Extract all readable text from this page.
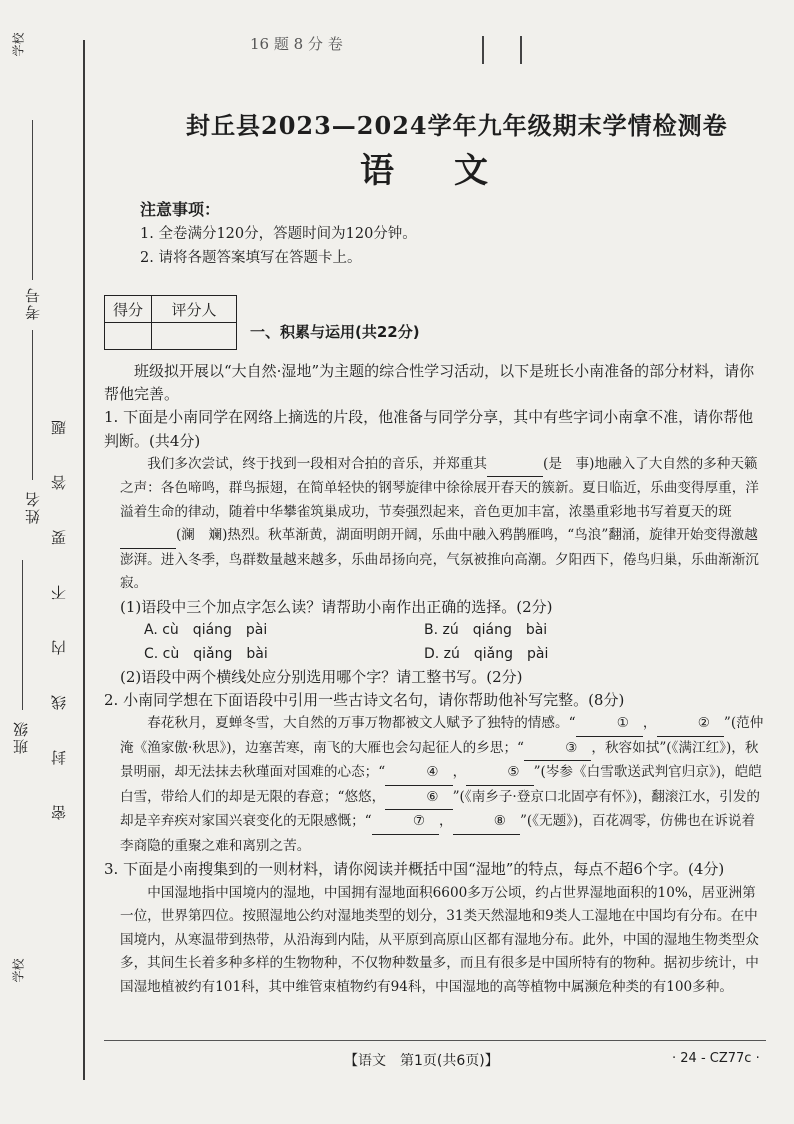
学校
考号
姓名
班级 密封线内不要答题
学校
16 题 8 分 卷
封丘县2023—2024学年九年级期末学情检测卷
语文
注意事项：
1. 全卷满分120分，答题时间为120分钟。
2. 请将各题答案填写在答题卡上。
得分	评分人

一、积累与运用(共22分)

班级拟开展以“大自然·湿地”为主题的综合性学习活动，以下是班长小南准备的部分材料，请你帮他完善。

1. 下面是小南同学在网络上摘选的片段，他准备与同学分享，其中有些字词小南拿不准，请你帮他判断。(共4分)

我们多次尝试，终于找到一段相对合拍的音乐，并郑重其	(是　事)地融入了大自然的多种天籁之声：各色啼鸣，群鸟振翅，在简单轻快的钢琴旋律中徐徐展开春天的簇新。夏日临近，乐曲变得厚重，洋溢着生命的律动，随着中华攀雀筑巢成功，节奏强烈起来，音色更加丰富，浓墨重彩地书写着夏天的斑 (澜　斓)热烈。秋革渐黄，湖面明朗开阔，乐曲中融入鸦鹊雁鸣，“鸟浪”翻涌，旋律开始变得激越澎湃。进入冬季，鸟群数量越来越多，乐曲昂扬向亮，气氛被推向高潮。夕阳西下，倦鸟归巢，乐曲渐渐沉寂。

(1)语段中三个加点字怎么读？请帮助小南作出正确的选择。(2分)

A. cù　qiáng　pài	B. zú　qiáng　bài
C. cù　qiǎng　bài	D. zú　qiǎng　pài

(2)语段中两个横线处应分别选用哪个字？请工整书写。(2分)

2. 小南同学想在下面语段中引用一些古诗文名句，请你帮助他补写完整。(8分)

春花秋月，夏蝉冬雪，大自然的万事万物都被文人赋予了独特的情感。“	① ，	② ”(范仲淹《渔家傲·秋思》)，边塞苦寒，南飞的大雁也会勾起征人的乡思；“	③ ，秋容如拭”(《满江红》)，秋景明丽，却无法抹去秋瑾面对国难的心态；“	④ ，	⑤ ”(岑参《白雪歌送武判官归京》)，皑皑白雪，带给人们的却是无限的春意；“悠悠，	⑥ ”(《南乡子·登京口北固亭有怀》)，翻滚江水，引发的却是辛弃疾对家国兴衰变化的无限感慨；“	⑦ ，	⑧ ”(《无题》)，百花凋零，仿佛也在诉说着李商隐的重聚之难和离别之苦。

3. 下面是小南搜集到的一则材料，请你阅读并概括中国“湿地”的特点，每点不超6个字。(4分)

中国湿地指中国境内的湿地，中国拥有湿地面积6600多万公顷，约占世界湿地面积的10%，居亚洲第一位，世界第四位。按照湿地公约对湿地类型的划分，31类天然湿地和9类人工湿地在中国均有分布。在中国境内，从寒温带到热带，从沿海到内陆，从平原到高原山区都有湿地分布。此外，中国的湿地生物类型众多，其间生长着多种多样的生物物种，不仅物种数量多，而且有很多是中国所特有的物种。据初步统计，中国湿地植被约有101科，其中维管束植物约有94科，中国湿地的高等植物中属濒危种类的有100多种。

【语文　第1页(共6页)】	· 24 - CZ77c ·
